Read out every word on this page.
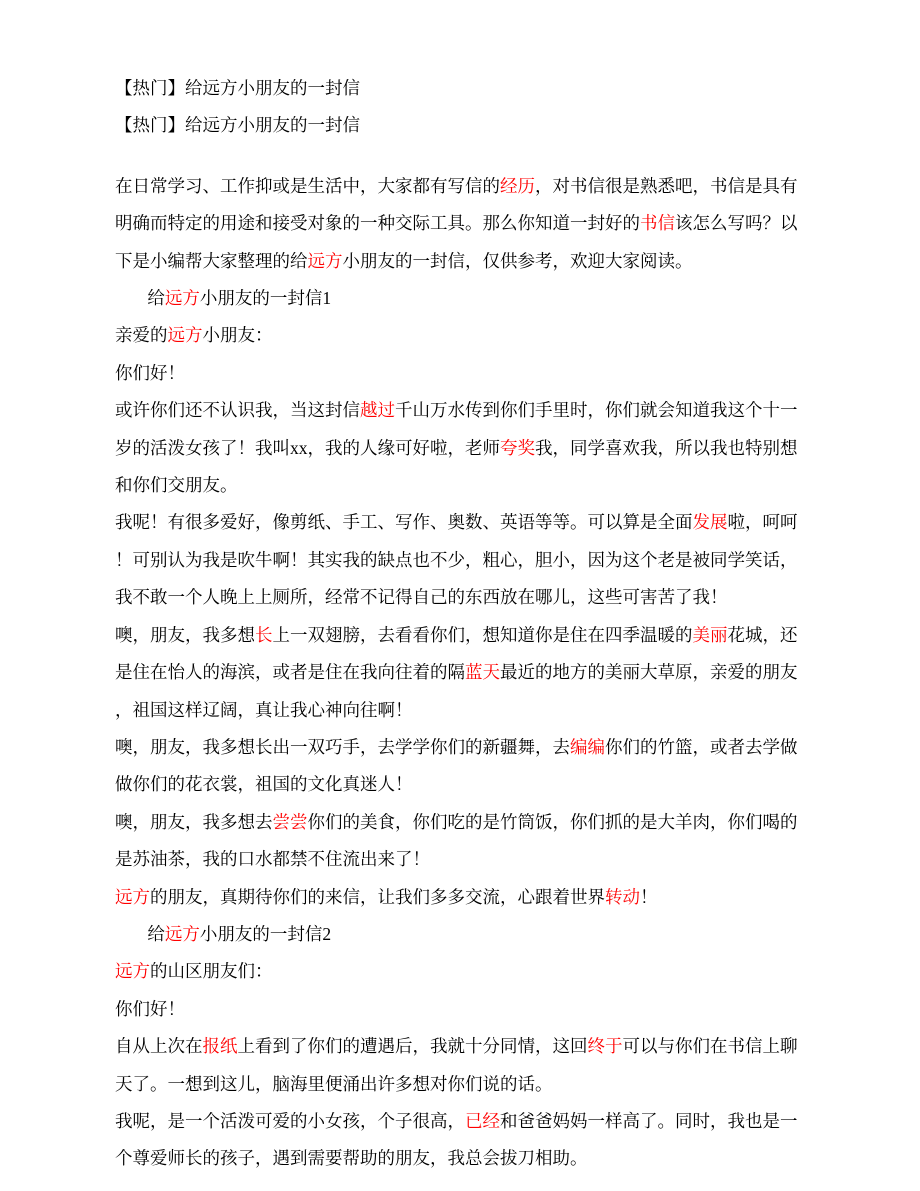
【热门】给远方小朋友的一封信

【热门】给远方小朋友的一封信

在日常学习、工作抑或是生活中，大家都有写信的经历，对书信很是熟悉吧，书信是具有明确而特定的用途和接受对象的一种交际工具。那么你知道一封好的书信该怎么写吗？以下是小编帮大家整理的给远方小朋友的一封信，仅供参考，欢迎大家阅读。

给远方小朋友的一封信1

亲爱的远方小朋友：

你们好！

或许你们还不认识我，当这封信越过千山万水传到你们手里时，你们就会知道我这个十一岁的活泼女孩了！我叫xx，我的人缘可好啦，老师夸奖我，同学喜欢我，所以我也特别想和你们交朋友。

我呢！有很多爱好，像剪纸、手工、写作、奥数、英语等等。可以算是全面发展啦，呵呵！可别认为我是吹牛啊！其实我的缺点也不少，粗心，胆小，因为这个老是被同学笑话，我不敢一个人晚上上厕所，经常不记得自己的东西放在哪儿，这些可害苦了我！

噢，朋友，我多想长上一双翅膀，去看看你们，想知道你是住在四季温暖的美丽花城，还是住在怡人的海滨，或者是住在我向往着的隔蓝天最近的地方的美丽大草原，亲爱的朋友，祖国这样辽阔，真让我心神向往啊！

噢，朋友，我多想长出一双巧手，去学学你们的新疆舞，去编编你们的竹篮，或者去学做做你们的花衣裳，祖国的文化真迷人！

噢，朋友，我多想去尝尝你们的美食，你们吃的是竹筒饭，你们抓的是大羊肉，你们喝的是苏油茶，我的口水都禁不住流出来了！

远方的朋友，真期待你们的来信，让我们多多交流，心跟着世界转动！

给远方小朋友的一封信2

远方的山区朋友们：

你们好！

自从上次在报纸上看到了你们的遭遇后，我就十分同情，这回终于可以与你们在书信上聊天了。一想到这儿，脑海里便涌出许多想对你们说的话。

我呢，是一个活泼可爱的小女孩，个子很高，已经和爸爸妈妈一样高了。同时，我也是一个尊爱师长的孩子，遇到需要帮助的朋友，我总会拔刀相助。
